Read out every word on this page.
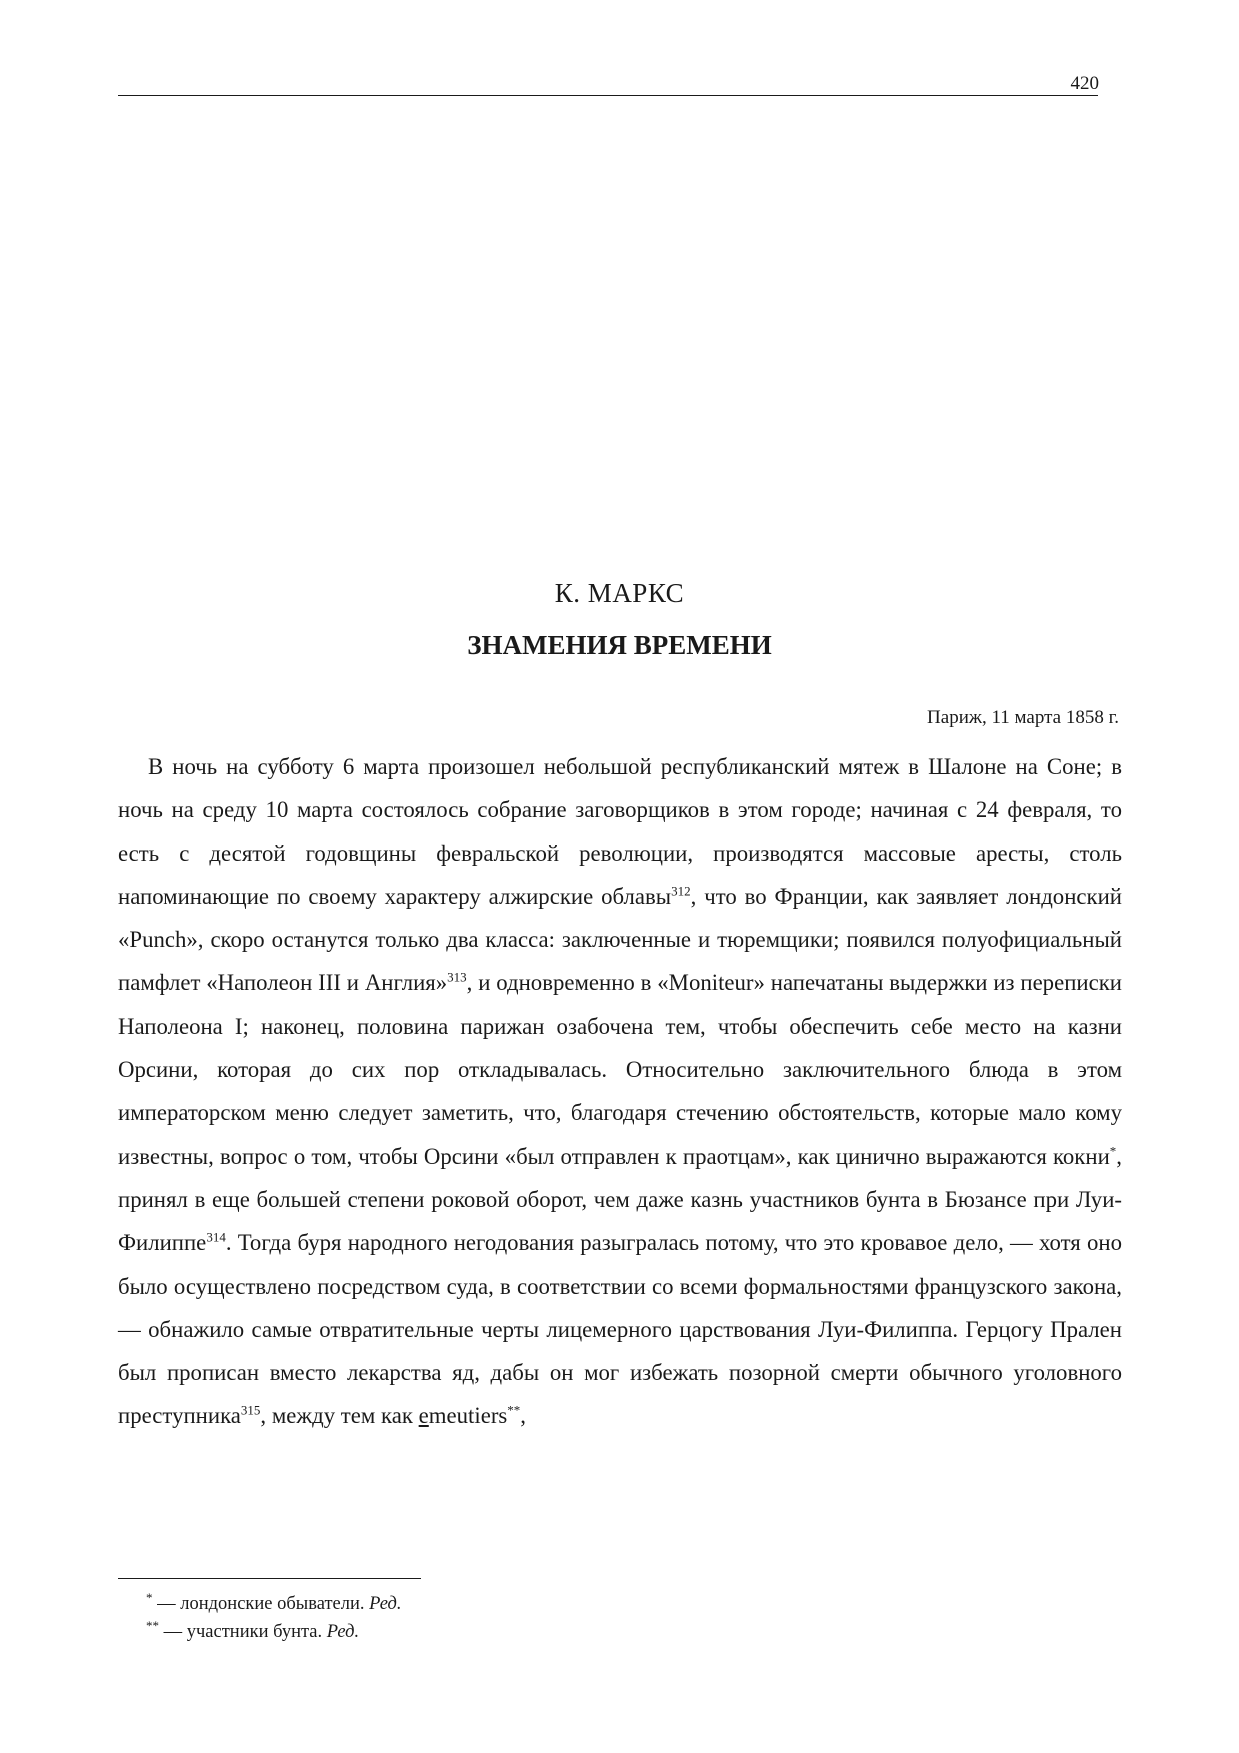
420
К. МАРКС
ЗНАМЕНИЯ ВРЕМЕНИ
Париж, 11 марта 1858 г.

В ночь на субботу 6 марта произошел небольшой республиканский мятеж в Шалоне на Соне; в ночь на среду 10 марта состоялось собрание заговорщиков в этом городе; начиная с 24 февраля, то есть с десятой годовщины февральской революции, производятся массовые аресты, столь напоминающие по своему характеру алжирские облавы$^{312}$, что во Франции, как заявляет лондонский «Punch», скоро останутся только два класса: заключенные и тюремщики; появился полуофициальный памфлет «Наполеон III и Англия»$^{313}$, и одновременно в «Moniteur» напечатаны выдержки из переписки Наполеона I; наконец, половина парижан озабочена тем, чтобы обеспечить себе место на казни Орсини, которая до сих пор откладывалась. Относительно заключительного блюда в этом императорском меню следует заметить, что, благодаря стечению обстоятельств, которые мало кому известны, вопрос о том, чтобы Орсини «был отправлен к праотцам», как цинично выражаются кокни*, принял в еще большей степени роковой оборот, чем даже казнь участников бунта в Бюзансе при Луи-Филиппе$^{314}$. Тогда буря народного негодования разыгралась потому, что это кровавое дело, — хотя оно было осуществлено посредством суда, в соответствии со всеми формальностями французского закона, — обнажило самые отвратительные черты лицемерного царствования Луи-Филиппа. Герцогу Прален был прописан вместо лекарства яд, дабы он мог избежать позорной смерти обычного уголовного преступника$^{315}$, между тем как emeutiers**,

* — лондонские обыватели. Ред.
** — участники бунта. Ред.
